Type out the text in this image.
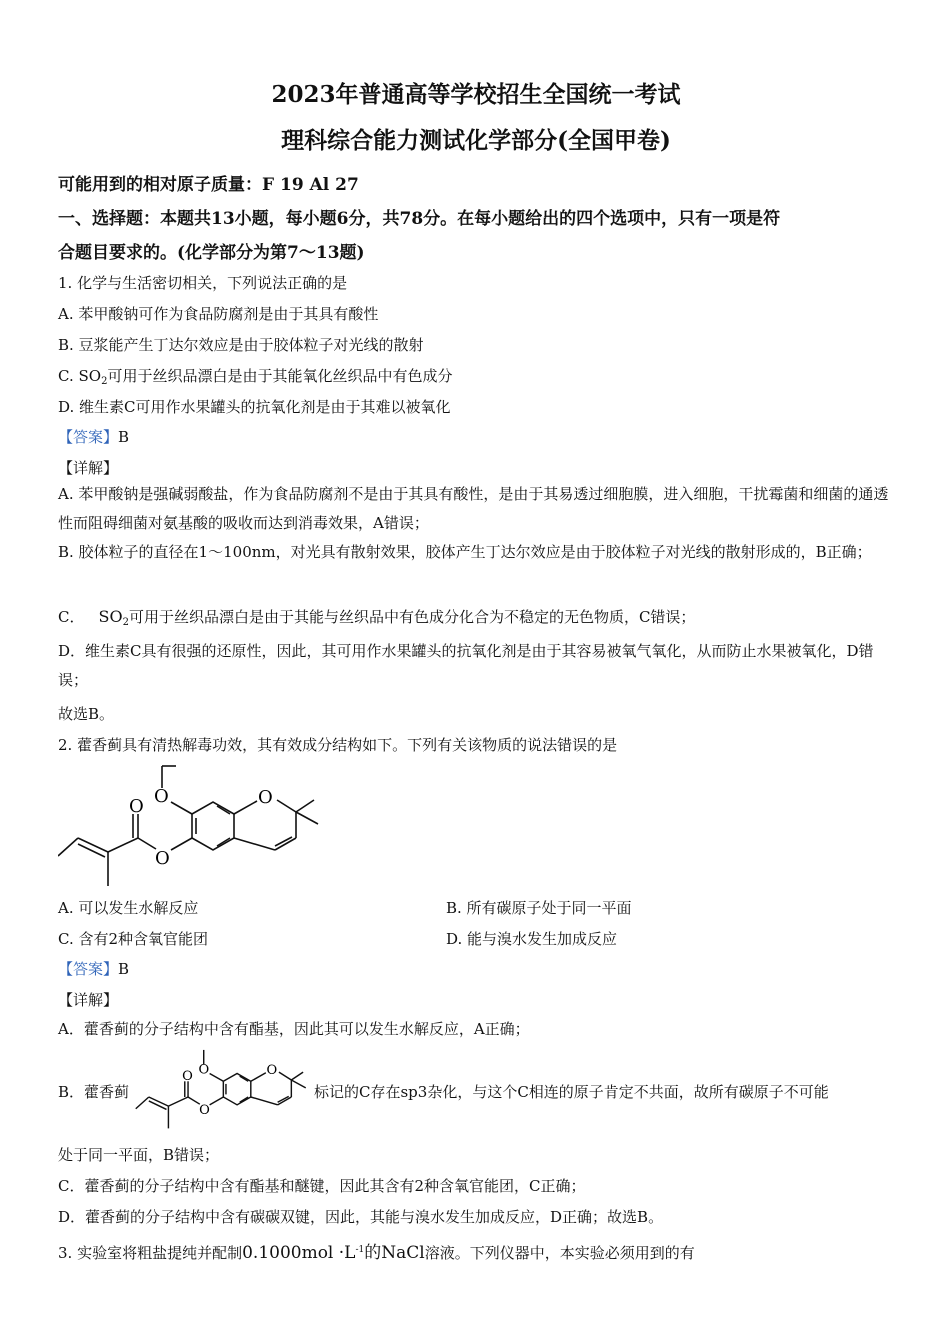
2023年普通高等学校招生全国统一考试
理科综合能力测试化学部分(全国甲卷)
可能用到的相对原子质量：F 19 Al 27
一、选择题：本题共13小题，每小题6分，共78分。在每小题给出的四个选项中，只有一项是符
合题目要求的。(化学部分为第7～13题)
1. 化学与生活密切相关，下列说法正确的是
A. 苯甲酸钠可作为食品防腐剂是由于其具有酸性
B. 豆浆能产生丁达尔效应是由于胶体粒子对光线的散射
C. $SO_2$可用于丝织品漂白是由于其能氧化丝织品中有色成分
D. 维生素C可用作水果罐头的抗氧化剂是由于其难以被氧化
【答案】B
【详解】
A. 苯甲酸钠是强碱弱酸盐，作为食品防腐剂不是由于其具有酸性，是由于其易透过细胞膜，进入细胞，干扰霉菌和细菌的通透性而阻碍细菌对氨基酸的吸收而达到消毒效果，A错误；
B. 胶体粒子的直径在1～100nm，对光具有散射效果，胶体产生丁达尔效应是由于胶体粒子对光线的散射形成的，B正确；
C． $SO_2$可用于丝织品漂白是由于其能与丝织品中有色成分化合为不稳定的无色物质，C错误；
D．维生素C具有很强的还原性，因此，其可用作水果罐头的抗氧化剂是由于其容易被氧气氧化，从而防止水果被氧化，D错误；
故选B。
2. 藿香蓟具有清热解毒功效，其有效成分结构如下。下列有关该物质的说法错误的是
O	O
O
O
A. 可以发生水解反应	B. 所有碳原子处于同一平面
C. 含有2种含氧官能团	D. 能与溴水发生加成反应
【答案】B
【详解】
A．藿香蓟的分子结构中含有酯基，因此其可以发生水解反应，A正确；
B．藿香蓟
O	O
O
O
标记的C存在sp3杂化，与这个C相连的原子肯定不共面，故所有碳原子不可能
处于同一平面，B错误；
C．藿香蓟的分子结构中含有酯基和醚键，因此其含有2种含氧官能团，C正确；
D．藿香蓟的分子结构中含有碳碳双键，因此，其能与溴水发生加成反应，D正确；故选B。
3. 实验室将粗盐提纯并配制$0.1000mol \cdot L^{-1}$的NaCl溶液。下列仪器中，本实验必须用到的有
